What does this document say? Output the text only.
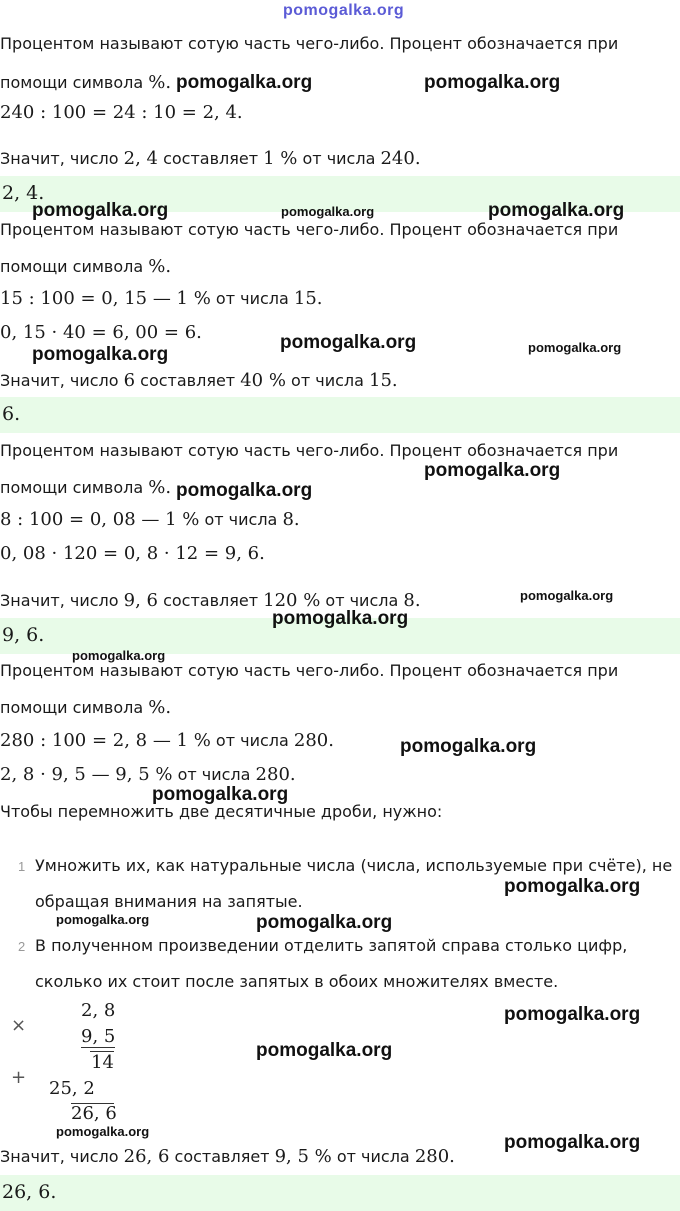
pomogalka.org
Процентом называют сотую часть чего-либо. Процент обозначается при
помощи символа %.
240 : 100 = 24 : 10 = 2, 4.
Значит, число 2, 4 составляет 1 % от числа 240.
2, 4.
Процентом называют сотую часть чего-либо. Процент обозначается при
помощи символа %.
15 : 100 = 0, 15 — 1 % от числа 15.
0, 15 · 40 = 6, 00 = 6.
Значит, число 6 составляет 40 % от числа 15.
6.
Процентом называют сотую часть чего-либо. Процент обозначается при
помощи символа %.
8 : 100 = 0, 08 — 1 % от числа 8.
0, 08 · 120 = 0, 8 · 12 = 9, 6.
Значит, число 9, 6 составляет 120 % от числа 8.
9, 6.
Процентом называют сотую часть чего-либо. Процент обозначается при
помощи символа %.
280 : 100 = 2, 8 — 1 % от числа 280.
2, 8 · 9, 5 — 9, 5 % от числа 280.
Чтобы перемножить две десятичные дроби, нужно:
1 Умножить их, как натуральные числа (числа, используемые при счёте), не
обращая внимания на запятые.
2 В полученном произведении отделить запятой справа столько цифр,
сколько их стоит после запятых в обоих множителях вместе.
×
2, 8
9, 5
14
+
25, 2
26, 6
Значит, число 26, 6 составляет 9, 5 % от числа 280.
26, 6.
pomogalka.org	pomogalka.org
pomogalka.org	pomogalka.org	pomogalka.org
pomogalka.org
pomogalka.org	pomogalka.org
pomogalka.org
pomogalka.org
pomogalka.org
pomogalka.org
pomogalka.org
pomogalka.org
pomogalka.org
pomogalka.org
pomogalka.org	pomogalka.org
pomogalka.org
pomogalka.org
pomogalka.org
pomogalka.org
